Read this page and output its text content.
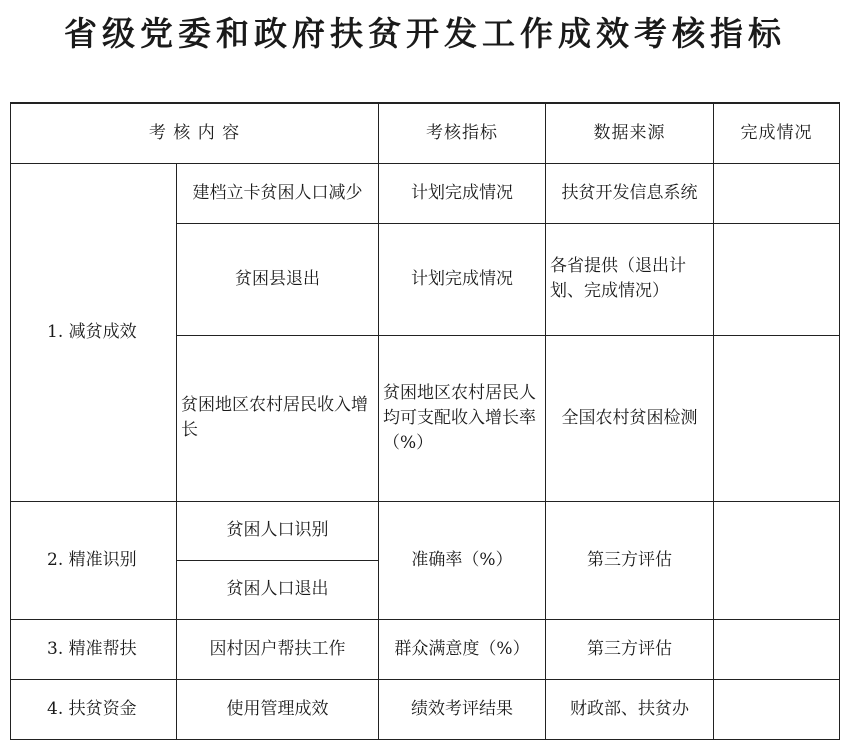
省级党委和政府扶贫开发工作成效考核指标
考 核 内 容		考核指标	数据来源	完成情况
1. 减贫成效	建档立卡贫困人口减少	计划完成情况	扶贫开发信息系统	
	贫困县退出	计划完成情况	各省提供（退出计划、完成情况）	
	贫困地区农村居民收入增长	贫困地区农村居民人均可支配收入增长率（%）	全国农村贫困检测	
2. 精准识别	贫困人口识别	准确率（%）	第三方评估	
	贫困人口退出			
3. 精准帮扶	因村因户帮扶工作	群众满意度（%）	第三方评估	
4. 扶贫资金	使用管理成效	绩效考评结果	财政部、扶贫办	
